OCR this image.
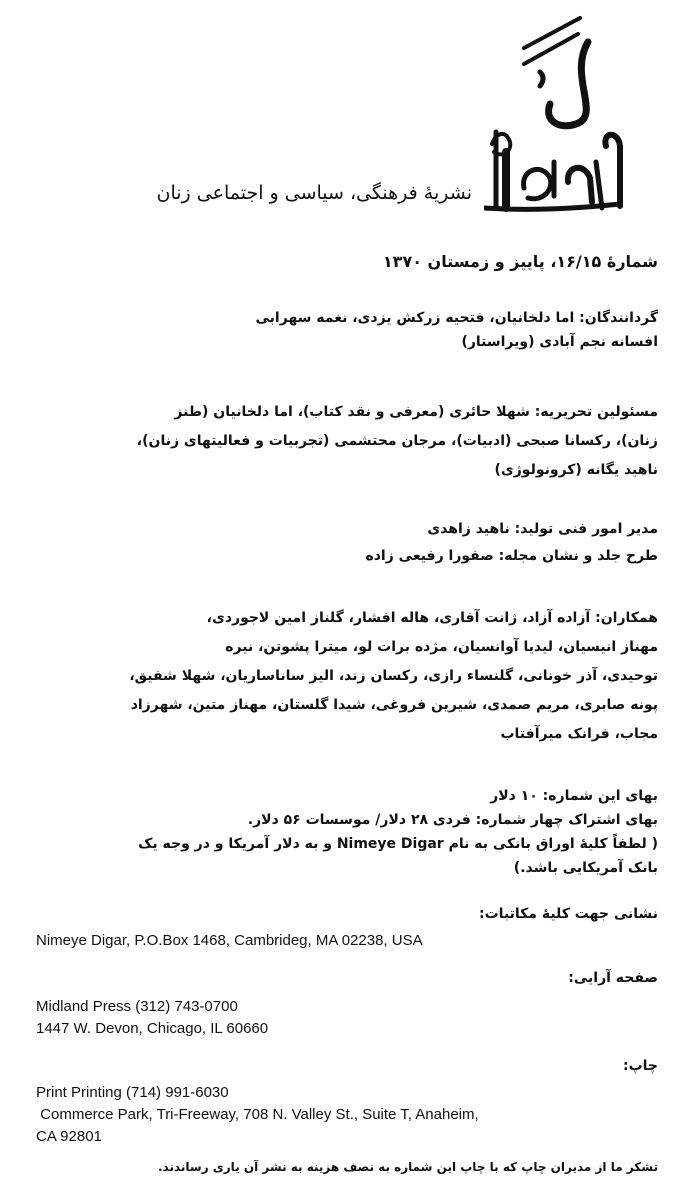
نشریهٔ فرهنگی، سیاسی و اجتماعی زنان
شمارهٔ ۱۶/۱۵، پاییز و زمستان ۱۳۷۰
گردانندگان: اما دلخانیان، فتحیه زرکش یزدی، نغمه سهرابی
افسانه نجم آبادی (ویراستار)
مسئولین تحریریه: شهلا حائری (معرفی و نقد کتاب)، اما دلخانیان (طنز
زنان)، رکسانا صبحی (ادبیات)، مرجان محتشمی (تجربیات و فعالیتهای زنان)،
ناهید یگانه (کرونولوژی)
مدیر امور فنی تولید: ناهید زاهدی
طرح جلد و نشان مجله: صفورا رفیعی زاده
همکاران: آزاده آزاد، ژانت آفاری، هاله افشار، گلناز امین لاجوردی،
مهناز انیسیان، لیدیا آوانسیان، مژده برات لو، میترا پشوتن، نیره
توحیدی، آذر خونانی، گلنساء رازی، رکسان زند، الیز ساناساریان، شهلا شفیق،
پونه صابری، مریم صمدی، شیرین فروغی، شیدا گلستان، مهناز متین، شهرزاد
مجاب، فرانک میرآفتاب
بهای این شماره: ۱۰ دلار
بهای اشتراک چهار شماره: فردی ۲۸ دلار/ موسسات ۵۶ دلار.
( لطفاً کلیهٔ اوراق بانکی به نام Nimeye Digar و به دلار آمریکا و در وجه یک
بانک آمریکایی باشد.)
نشانی جهت کلیهٔ مکاتبات:
Nimeye Digar, P.O.Box 1468, Cambrideg, MA 02238, USA
صفحه آرایی:
Midland Press (312) 743-0700
1447 W. Devon, Chicago, IL 60660
چاپ:
Print Printing (714) 991-6030
Commerce Park, Tri-Freeway, 708 N. Valley St., Suite T, Anaheim,
CA 92801
تشکر ما از مدیران چاپ که با چاپ این شماره به نصف هزینه به نشر آن یاری رساندند.
